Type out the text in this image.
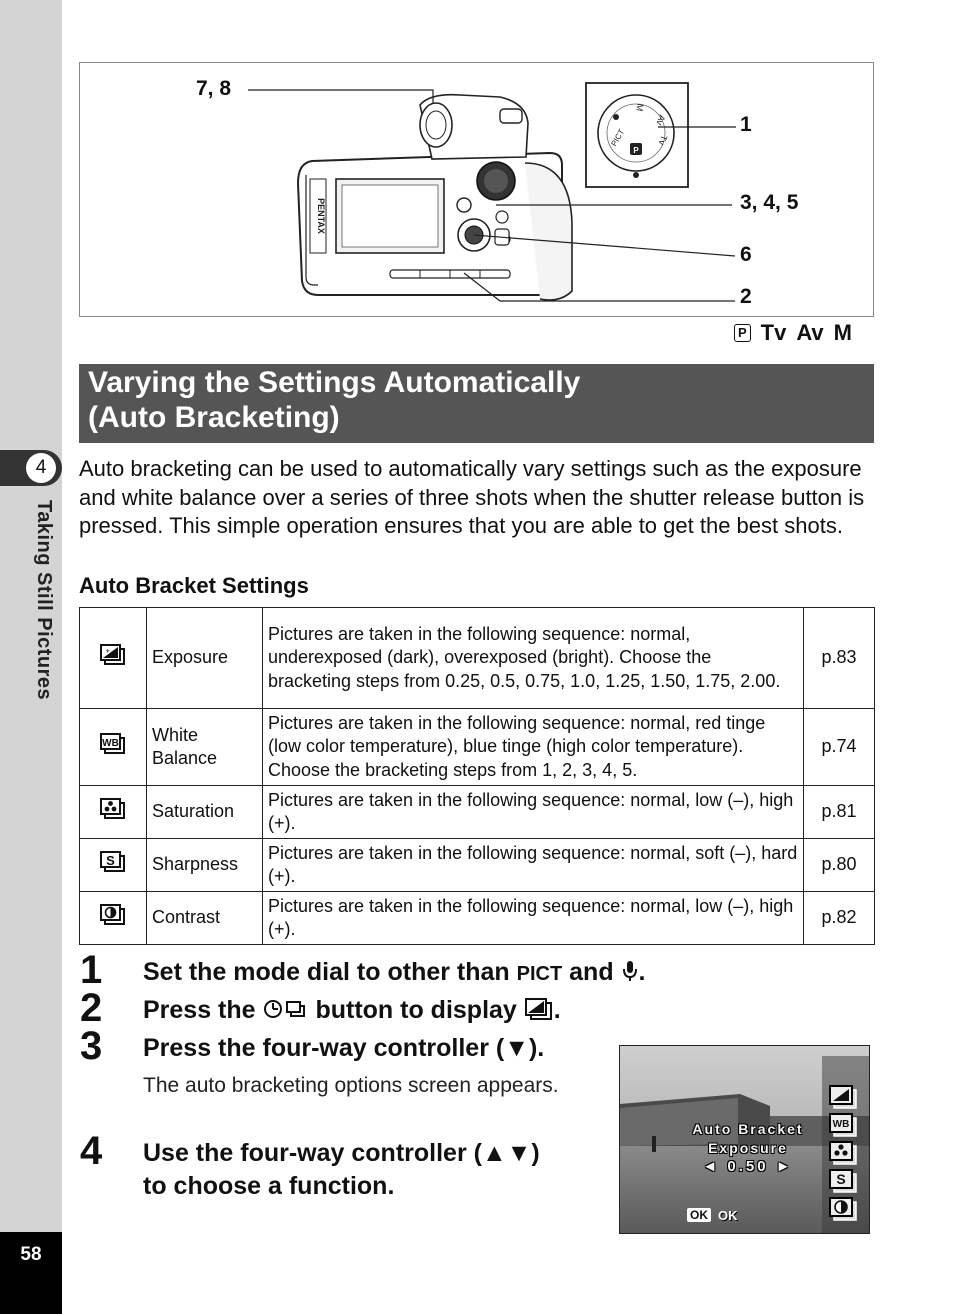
4
Taking Still Pictures
58
PENTAX
P
PICT
M
Av
Tv
7, 8
1
3, 4, 5
6
2
P Tv Av M
Varying the Settings Automatically
(Auto Bracketing)
Auto bracketing can be used to automatically vary settings such as the exposure and white balance over a series of three shots when the shutter release button is pressed. This simple operation ensures that you are able to get the best shots.
Auto Bracket Settings
+	Exposure	Pictures are taken in the following sequence: normal, underexposed (dark), overexposed (bright). Choose the bracketing steps from 0.25, 0.5, 0.75, 1.0, 1.25, 1.50, 1.75, 2.00.	p.83

WB	White Balance	Pictures are taken in the following sequence: normal, red tinge (low color temperature), blue tinge (high color temperature). Choose the bracketing steps from 1, 2, 3, 4, 5.	p.74
	Saturation	Pictures are taken in the following sequence: normal, low (–), high (+).	p.81

S	Sharpness	Pictures are taken in the following sequence: normal, soft (–), hard (+).	p.80
	Contrast	Pictures are taken in the following sequence: normal, low (–), high (+).	p.82
1 Set the mode dial to other than PICT and .
2 Press the  button to display .
3 Press the four-way controller (▼).
The auto bracketing options screen appears.
4 Use the four-way controller (▲▼)
to choose a function.
Auto Bracket
Exposure
◄ 0.50 ►
OK OK
WB
S
